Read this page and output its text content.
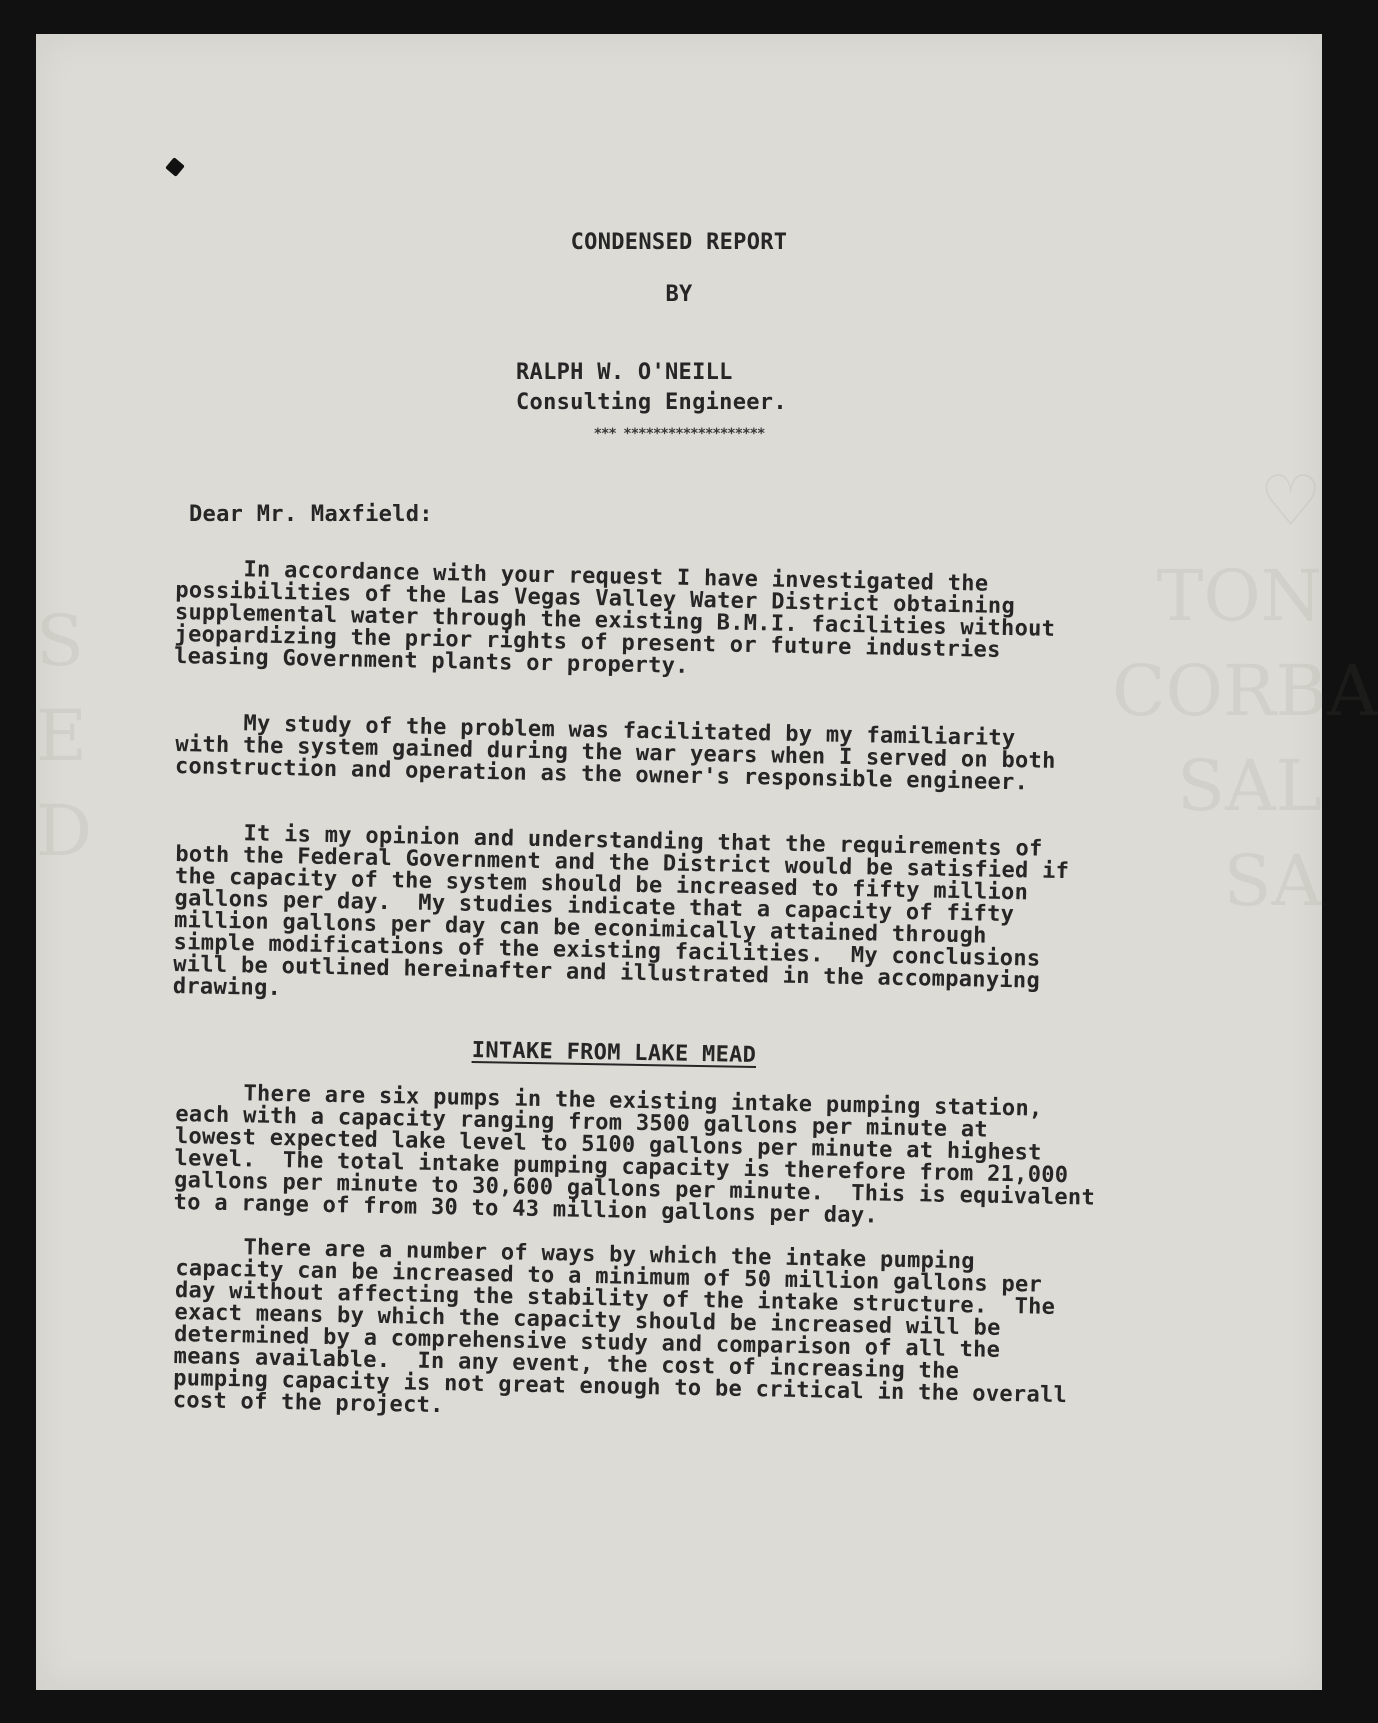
♡
TON
CORBA
SAL
SA
S
E
D
CONDENSED REPORT
BY
RALPH W. O'NEILL
Consulting Engineer.
*** *******************
Dear Mr. Maxfield:
In accordance with your request I have investigated the
possibilities of the Las Vegas Valley Water District obtaining
supplemental water through the existing B.M.I. facilities without
jeopardizing the prior rights of present or future industries
leasing Government plants or property.
My study of the problem was facilitated by my familiarity
with the system gained during the war years when I served on both
construction and operation as the owner's responsible engineer.
It is my opinion and understanding that the requirements of
both the Federal Government and the District would be satisfied if
the capacity of the system should be increased to fifty million
gallons per day.  My studies indicate that a capacity of fifty
million gallons per day can be econimically attained through
simple modifications of the existing facilities.  My conclusions
will be outlined hereinafter and illustrated in the accompanying
drawing.
INTAKE FROM LAKE MEAD
There are six pumps in the existing intake pumping station,
each with a capacity ranging from 3500 gallons per minute at
lowest expected lake level to 5100 gallons per minute at highest
level.  The total intake pumping capacity is therefore from 21,000
gallons per minute to 30,600 gallons per minute.  This is equivalent
to a range of from 30 to 43 million gallons per day.
There are a number of ways by which the intake pumping
capacity can be increased to a minimum of 50 million gallons per
day without affecting the stability of the intake structure.  The
exact means by which the capacity should be increased will be
determined by a comprehensive study and comparison of all the
means available.  In any event, the cost of increasing the
pumping capacity is not great enough to be critical in the overall
cost of the project.
